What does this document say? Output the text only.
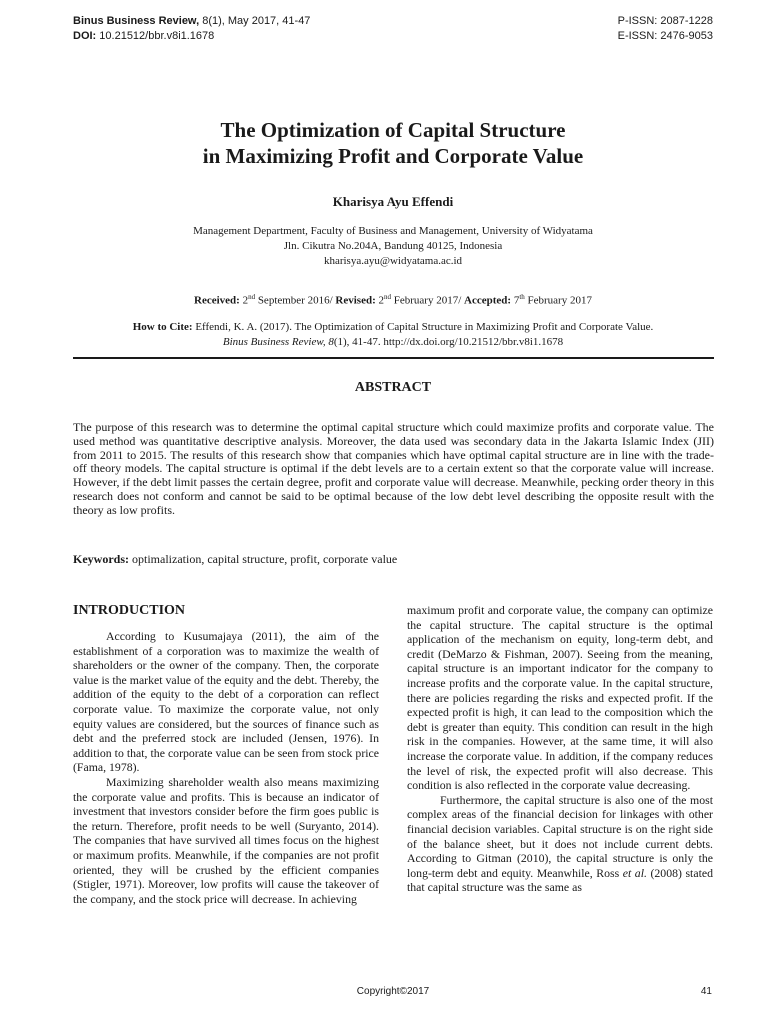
Binus Business Review, 8(1), May 2017, 41-47
DOI: 10.21512/bbr.v8i1.1678
P-ISSN: 2087-1228
E-ISSN: 2476-9053
The Optimization of Capital Structure
in Maximizing Profit and Corporate Value
Kharisya Ayu Effendi
Management Department, Faculty of Business and Management, University of Widyatama
Jln. Cikutra No.204A, Bandung 40125, Indonesia
kharisya.ayu@widyatama.ac.id
Received: 2nd September 2016/ Revised: 2nd February 2017/ Accepted: 7th February 2017
How to Cite: Effendi, K. A. (2017). The Optimization of Capital Structure in Maximizing Profit and Corporate Value.
Binus Business Review, 8(1), 41-47. http://dx.doi.org/10.21512/bbr.v8i1.1678
ABSTRACT

The purpose of this research was to determine the optimal capital structure which could maximize profits and corporate value. The used method was quantitative descriptive analysis. Moreover, the data used was secondary data in the Jakarta Islamic Index (JII) from 2011 to 2015. The results of this research show that companies which have optimal capital structure are in line with the trade-off theory models. The capital structure is optimal if the debt levels are to a certain extent so that the corporate value will increase. However, if the debt limit passes the certain degree, profit and corporate value will decrease. Meanwhile, pecking order theory in this research does not conform and cannot be said to be optimal because of the low debt level describing the opposite result with the theory as low profits.

Keywords: optimalization, capital structure, profit, corporate value
INTRODUCTION

According to Kusumajaya (2011), the aim of the establishment of a corporation was to maximize the wealth of shareholders or the owner of the company. Then, the corporate value is the market value of the equity and the debt. Thereby, the addition of the equity to the debt of a corporation can reflect corporate value. To maximize the corporate value, not only equity values are considered, but the sources of finance such as debt and the preferred stock are included (Jensen, 1976). In addition to that, the corporate value can be seen from stock price (Fama, 1978).

Maximizing shareholder wealth also means maximizing the corporate value and profits. This is because an indicator of investment that investors consider before the firm goes public is the return. Therefore, profit needs to be well (Suryanto, 2014). The companies that have survived all times focus on the highest or maximum profits. Meanwhile, if the companies are not profit oriented, they will be crushed by the efficient companies (Stigler, 1971). Moreover, low profits will cause the takeover of the company, and the stock price will decrease. In achieving

maximum profit and corporate value, the company can optimize the capital structure. The capital structure is the optimal application of the mechanism on equity, long-term debt, and credit (DeMarzo & Fishman, 2007). Seeing from the meaning, capital structure is an important indicator for the company to increase profits and the corporate value. In the capital structure, there are policies regarding the risks and expected profit. If the expected profit is high, it can lead to the composition which the debt is greater than equity. This condition can result in the high risk in the companies. However, at the same time, it will also increase the corporate value. In addition, if the company reduces the level of risk, the expected profit will also decrease. This condition is also reflected in the corporate value decreasing.

Furthermore, the capital structure is also one of the most complex areas of the financial decision for linkages with other financial decision variables. Capital structure is on the right side of the balance sheet, but it does not include current debts. According to Gitman (2010), the capital structure is only the long-term debt and equity. Meanwhile, Ross et al. (2008) stated that capital structure was the same as

Copyright©2017	41
